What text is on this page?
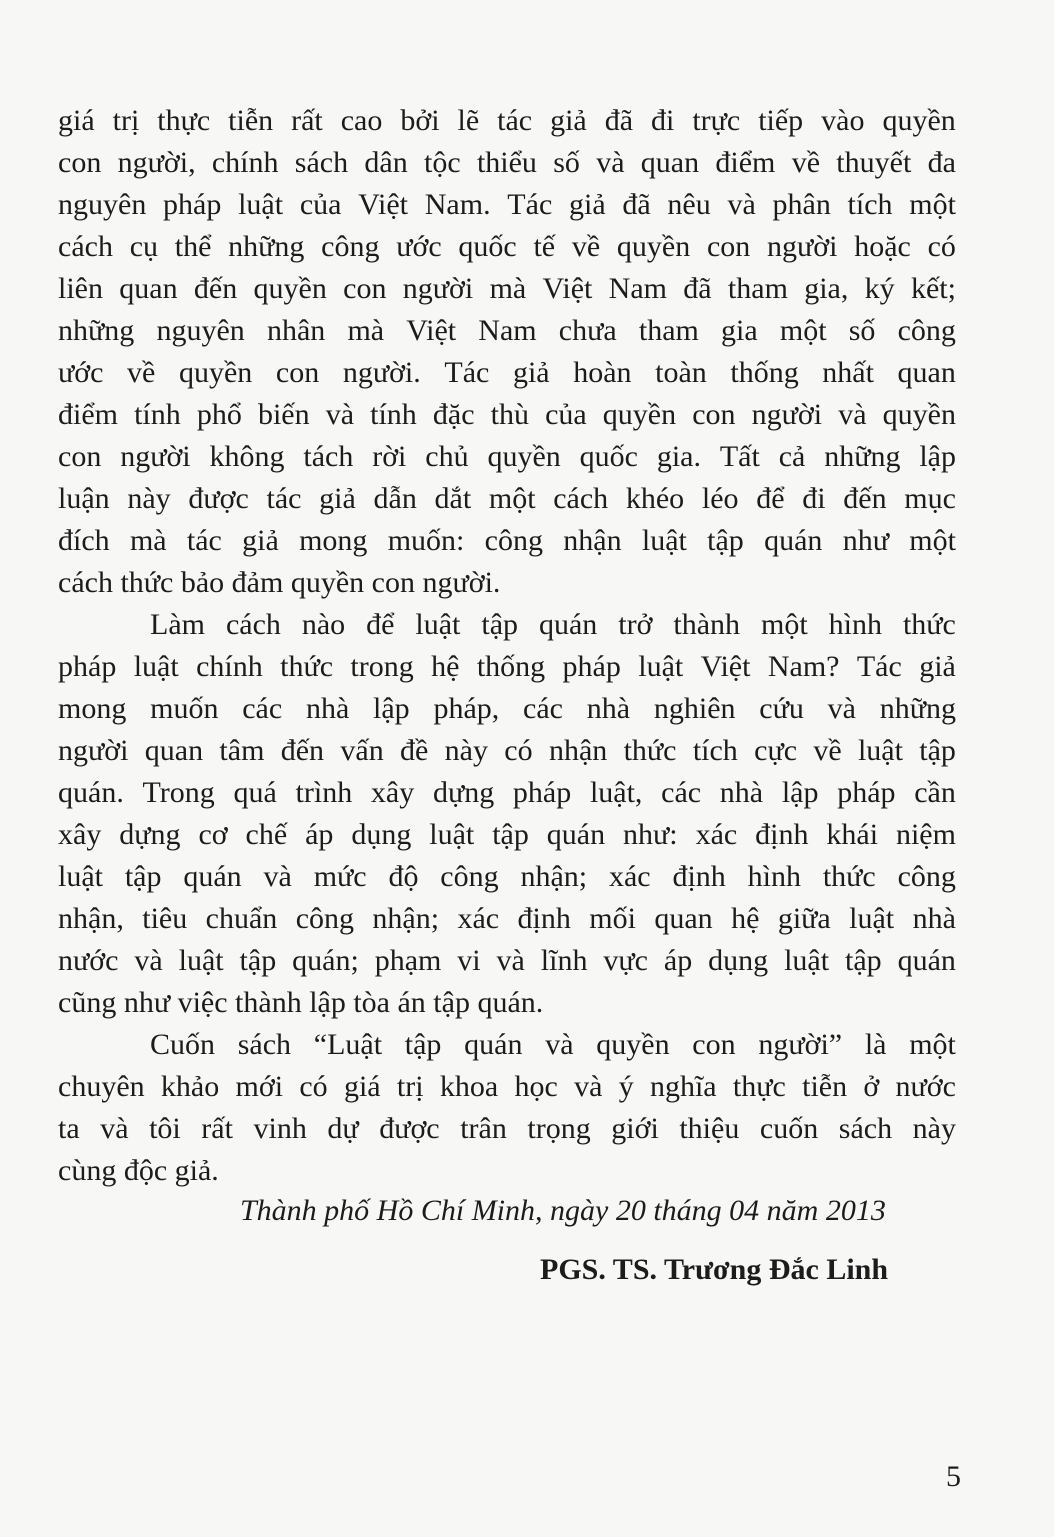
giá trị thực tiễn rất cao bởi lẽ tác giả đã đi trực tiếp vào quyền
con người, chính sách dân tộc thiểu số và quan điểm về thuyết đa
nguyên pháp luật của Việt Nam. Tác giả đã nêu và phân tích một
cách cụ thể những công ước quốc tế về quyền con người hoặc có
liên quan đến quyền con người mà Việt Nam đã tham gia, ký kết;
những nguyên nhân mà Việt Nam chưa tham gia một số công
ước về quyền con người. Tác giả hoàn toàn thống nhất quan
điểm tính phổ biến và tính đặc thù của quyền con người và quyền
con người không tách rời chủ quyền quốc gia. Tất cả những lập
luận này được tác giả dẫn dắt một cách khéo léo để đi đến mục
đích mà tác giả mong muốn: công nhận luật tập quán như một
cách thức bảo đảm quyền con người.
Làm cách nào để luật tập quán trở thành một hình thức
pháp luật chính thức trong hệ thống pháp luật Việt Nam? Tác giả
mong muốn các nhà lập pháp, các nhà nghiên cứu và những
người quan tâm đến vấn đề này có nhận thức tích cực về luật tập
quán. Trong quá trình xây dựng pháp luật, các nhà lập pháp cần
xây dựng cơ chế áp dụng luật tập quán như: xác định khái niệm
luật tập quán và mức độ công nhận; xác định hình thức công
nhận, tiêu chuẩn công nhận; xác định mối quan hệ giữa luật nhà
nước và luật tập quán; phạm vi và lĩnh vực áp dụng luật tập quán
cũng như việc thành lập tòa án tập quán.
Cuốn sách “Luật tập quán và quyền con người” là một
chuyên khảo mới có giá trị khoa học và ý nghĩa thực tiễn ở nước
ta và tôi rất vinh dự được trân trọng giới thiệu cuốn sách này
cùng độc giả.
Thành phố Hồ Chí Minh, ngày 20 tháng 04 năm 2013
PGS. TS. Trương Đắc Linh
5
